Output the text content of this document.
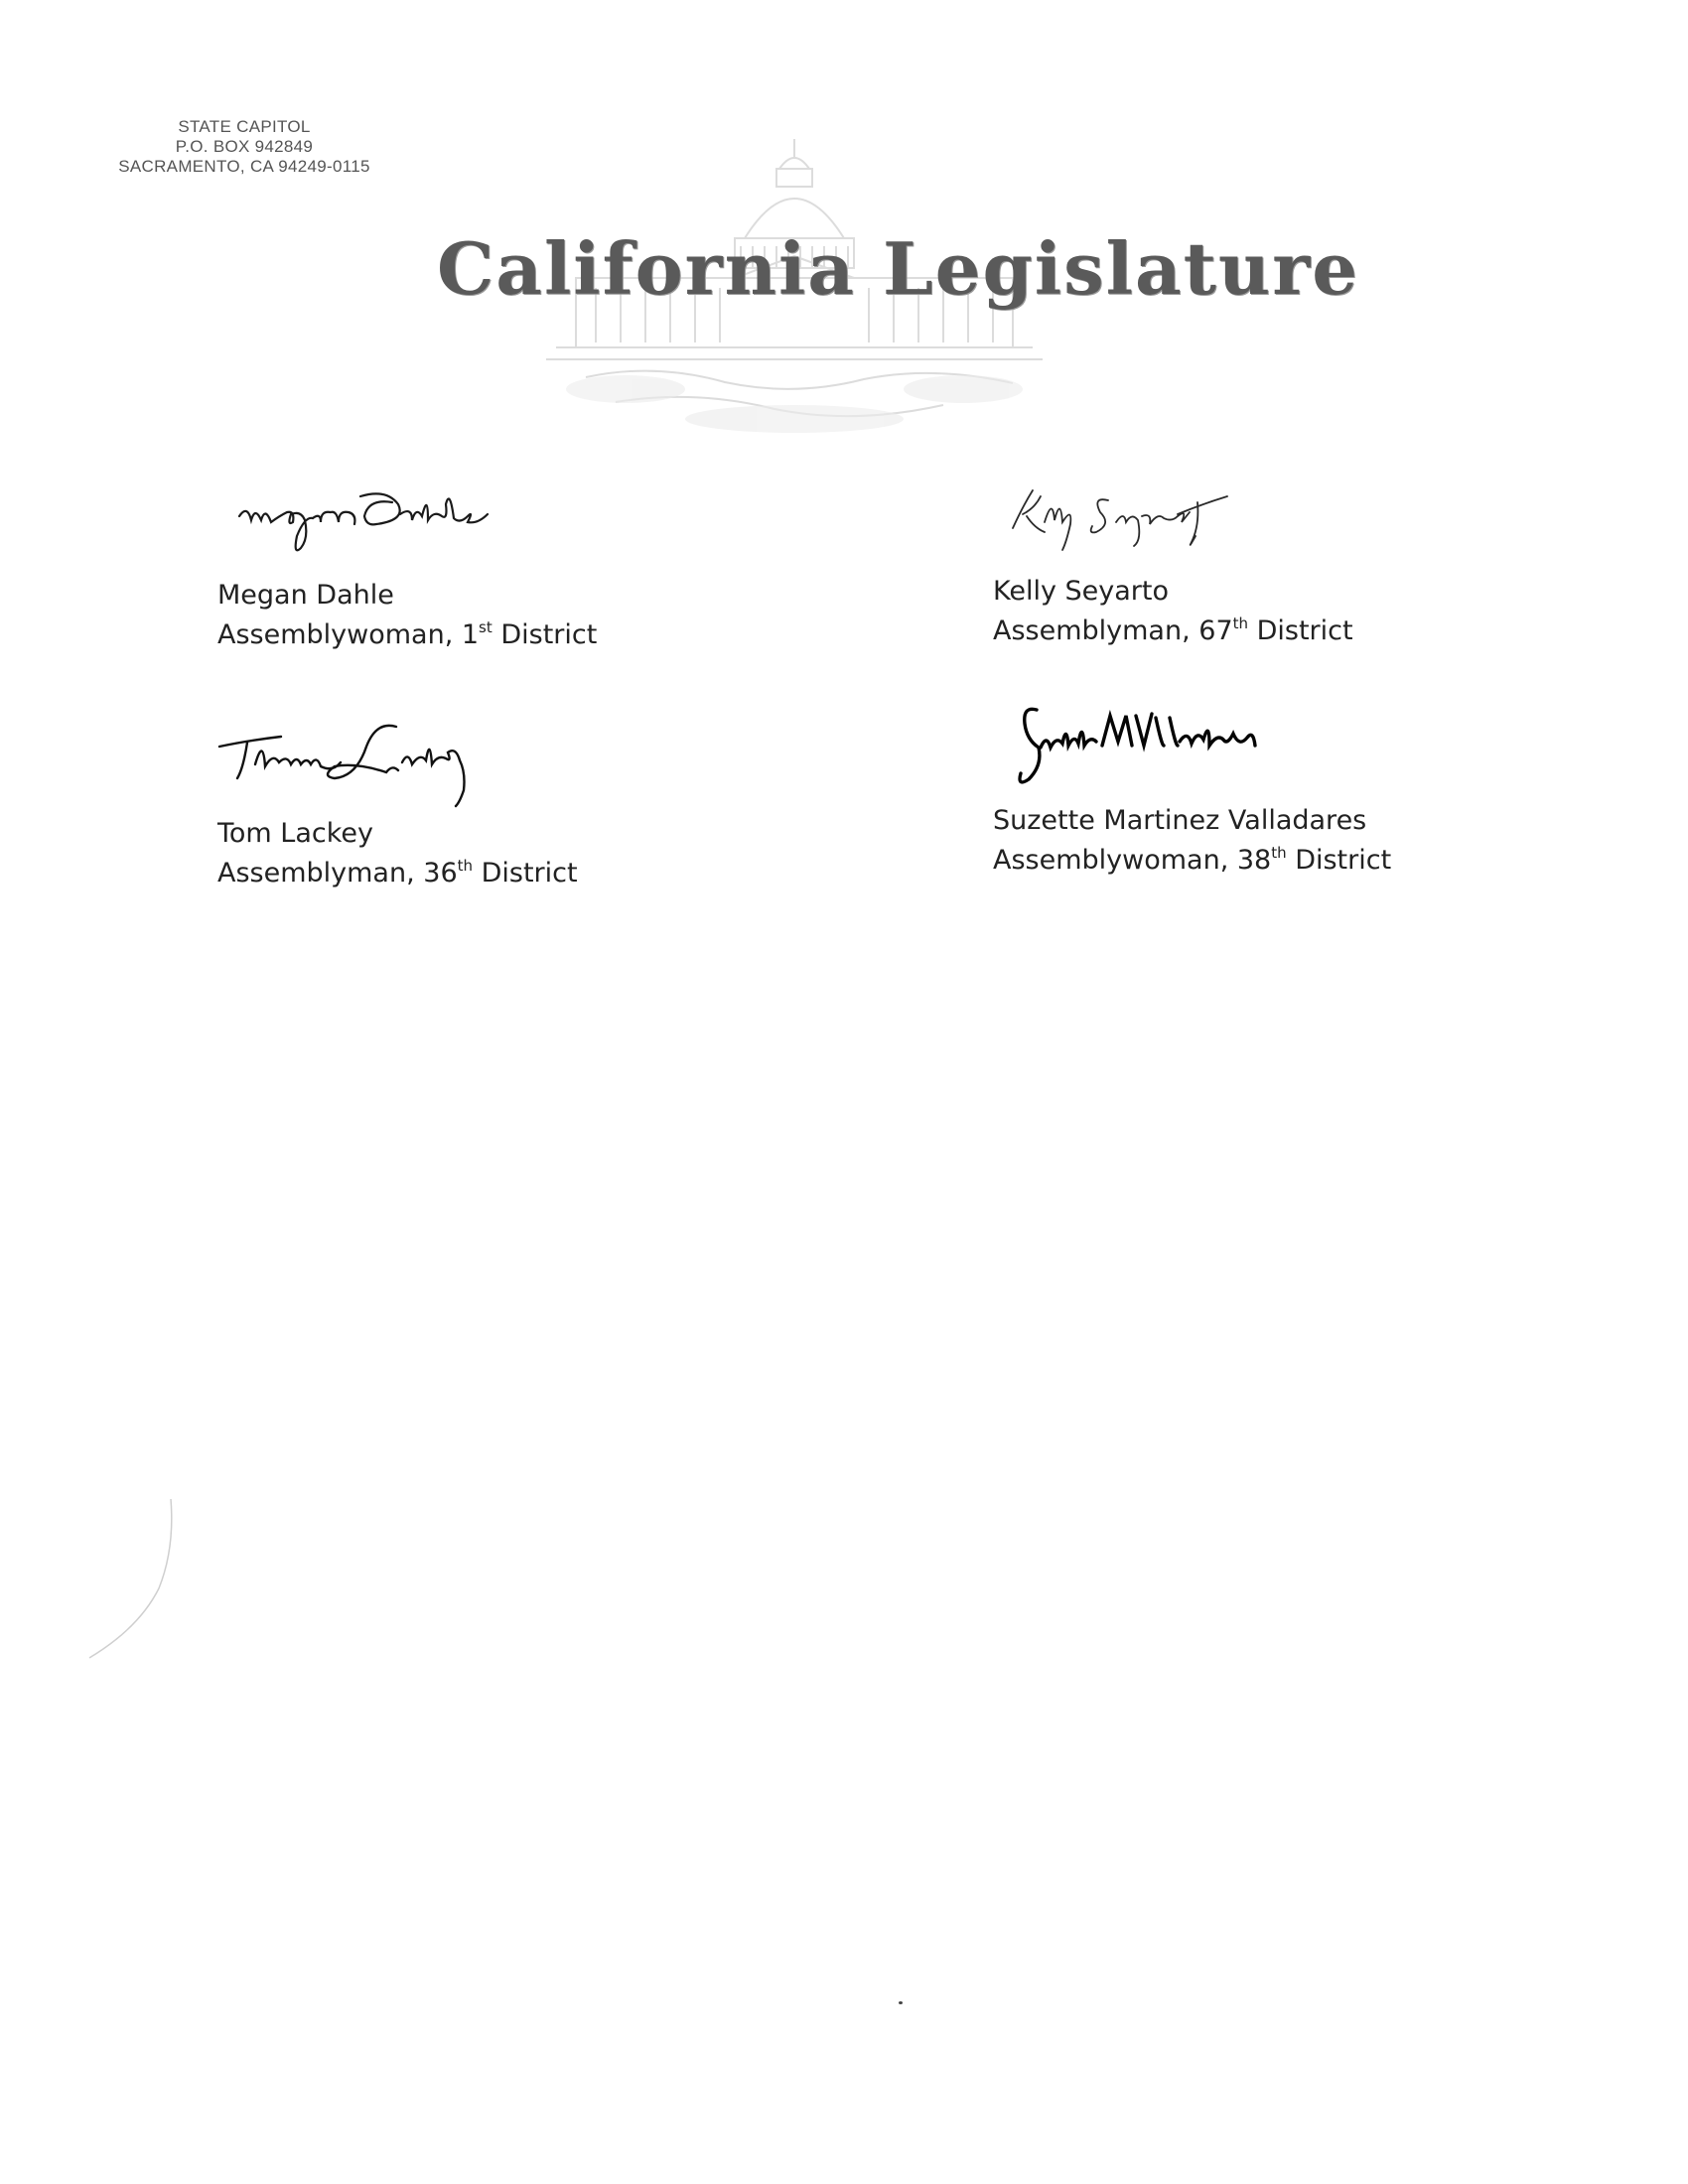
STATE CAPITOL
P.O. BOX 942849
SACRAMENTO, CA 94249-0115
California Legislature
Megan Dahle
Assemblywoman, 1st District
Kelly Seyarto
Assemblyman, 67th District
Tom Lackey
Assemblyman, 36th District
Suzette Martinez Valladares
Assemblywoman, 38th District
